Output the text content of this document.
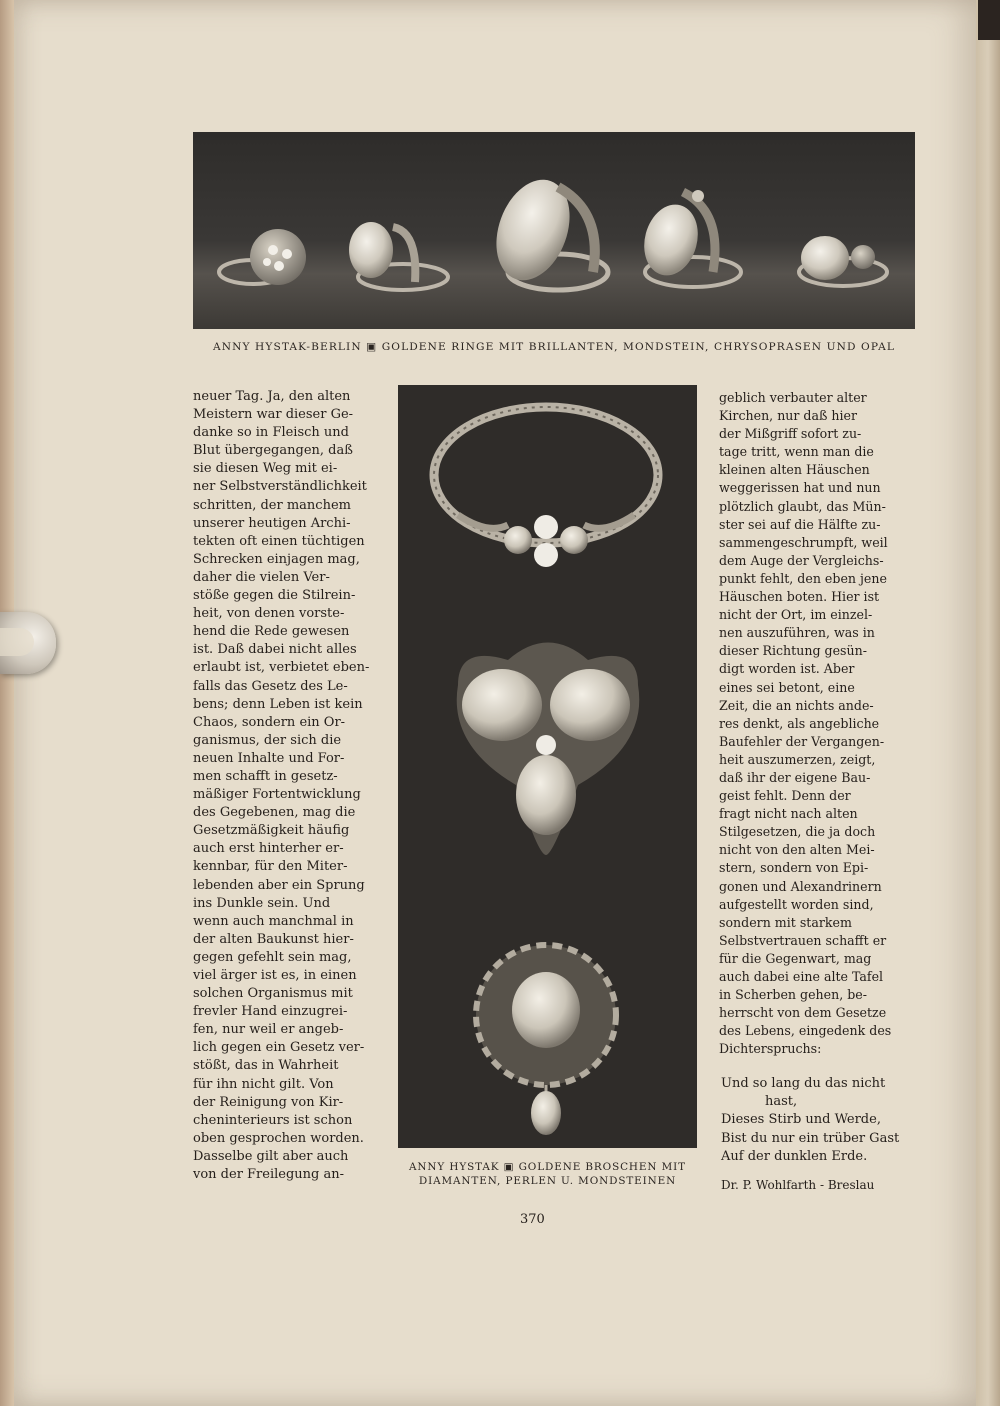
ANNY HYSTAK-BERLIN ▣ GOLDENE RINGE MIT BRILLANTEN, MONDSTEIN, CHRYSOPRASEN UND OPAL
neuer Tag. Ja, den alten
Meistern war dieser Ge-
danke so in Fleisch und
Blut übergegangen, daß
sie diesen Weg mit ei-
ner Selbstverständlichkeit
schritten, der manchem
unserer heutigen Archi-
tekten oft einen tüchtigen
Schrecken einjagen mag,
daher die vielen Ver-
stöße gegen die Stilrein-
heit, von denen vorste-
hend die Rede gewesen
ist. Daß dabei nicht alles
erlaubt ist, verbietet eben-
falls das Gesetz des Le-
bens; denn Leben ist kein
Chaos, sondern ein Or-
ganismus, der sich die
neuen Inhalte und For-
men schafft in gesetz-
mäßiger Fortentwicklung
des Gegebenen, mag die
Gesetzmäßigkeit häufig
auch erst hinterher er-
kennbar, für den Miter-
lebenden aber ein Sprung
ins Dunkle sein. Und
wenn auch manchmal in
der alten Baukunst hier-
gegen gefehlt sein mag,
viel ärger ist es, in einen
solchen Organismus mit
frevler Hand einzugrei-
fen, nur weil er angeb-
lich gegen ein Gesetz ver-
stößt, das in Wahrheit
für ihn nicht gilt. Von
der Reinigung von Kir-
cheninterieurs ist schon
oben gesprochen worden.
Dasselbe gilt aber auch
von der Freilegung an-
ANNY HYSTAK ▣ GOLDENE BROSCHEN MIT
DIAMANTEN, PERLEN U. MONDSTEINEN
geblich verbauter alter
Kirchen, nur daß hier
der Mißgriff sofort zu-
tage tritt, wenn man die
kleinen alten Häuschen
weggerissen hat und nun
plötzlich glaubt, das Mün-
ster sei auf die Hälfte zu-
sammengeschrumpft, weil
dem Auge der Vergleichs-
punkt fehlt, den eben jene
Häuschen boten. Hier ist
nicht der Ort, im einzel-
nen auszuführen, was in
dieser Richtung gesün-
digt worden ist. Aber
eines sei betont, eine
Zeit, die an nichts ande-
res denkt, als angebliche
Baufehler der Vergangen-
heit auszumerzen, zeigt,
daß ihr der eigene Bau-
geist fehlt. Denn der
fragt nicht nach alten
Stilgesetzen, die ja doch
nicht von den alten Mei-
stern, sondern von Epi-
gonen und Alexandrinern
aufgestellt worden sind,
sondern mit starkem
Selbstvertrauen schafft er
für die Gegenwart, mag
auch dabei eine alte Tafel
in Scherben gehen, be-
herrscht von dem Gesetze
des Lebens, eingedenk des
Dichterspruchs:
Und so lang du das nicht
hast,
Dieses Stirb und Werde,
Bist du nur ein trüber Gast
Auf der dunklen Erde.
Dr. P. Wohlfarth - Breslau
370
